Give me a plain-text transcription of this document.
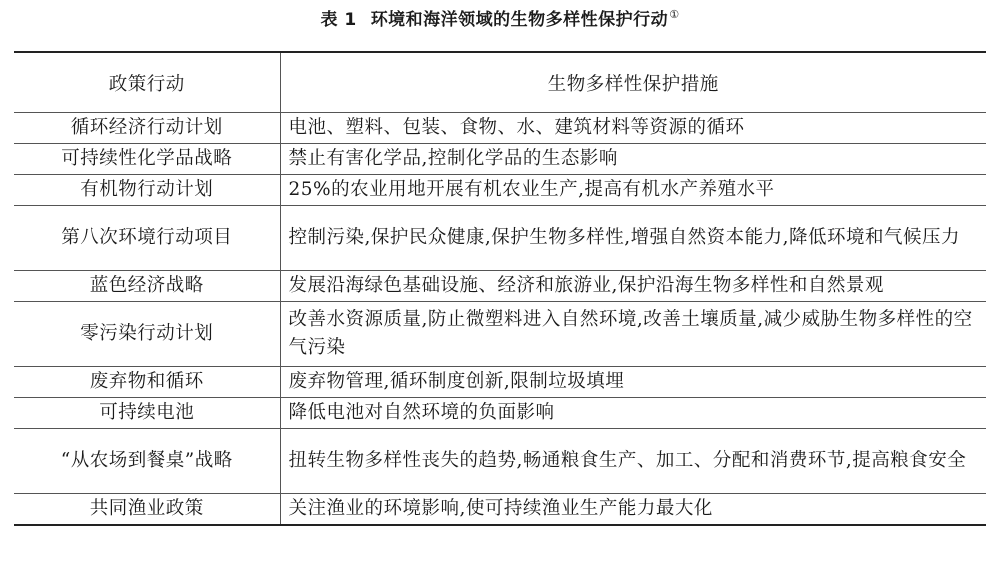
表 1 环境和海洋领域的生物多样性保护行动①
政策行动	生物多样性保护措施
循环经济行动计划	电池、塑料、包装、食物、水、建筑材料等资源的循环
可持续性化学品战略	禁止有害化学品,控制化学品的生态影响
有机物行动计划	25%的农业用地开展有机农业生产,提高有机水产养殖水平
第八次环境行动项目	控制污染,保护民众健康,保护生物多样性,增强自然资本能力,降低环境和气候压力
蓝色经济战略	发展沿海绿色基础设施、经济和旅游业,保护沿海生物多样性和自然景观
零污染行动计划	改善水资源质量,防止微塑料进入自然环境,改善土壤质量,减少威胁生物多样性的空气污染
废弃物和循环	废弃物管理,循环制度创新,限制垃圾填埋
可持续电池	降低电池对自然环境的负面影响
“从农场到餐桌”战略	扭转生物多样性丧失的趋势,畅通粮食生产、加工、分配和消费环节,提高粮食安全
共同渔业政策	关注渔业的环境影响,使可持续渔业生产能力最大化
